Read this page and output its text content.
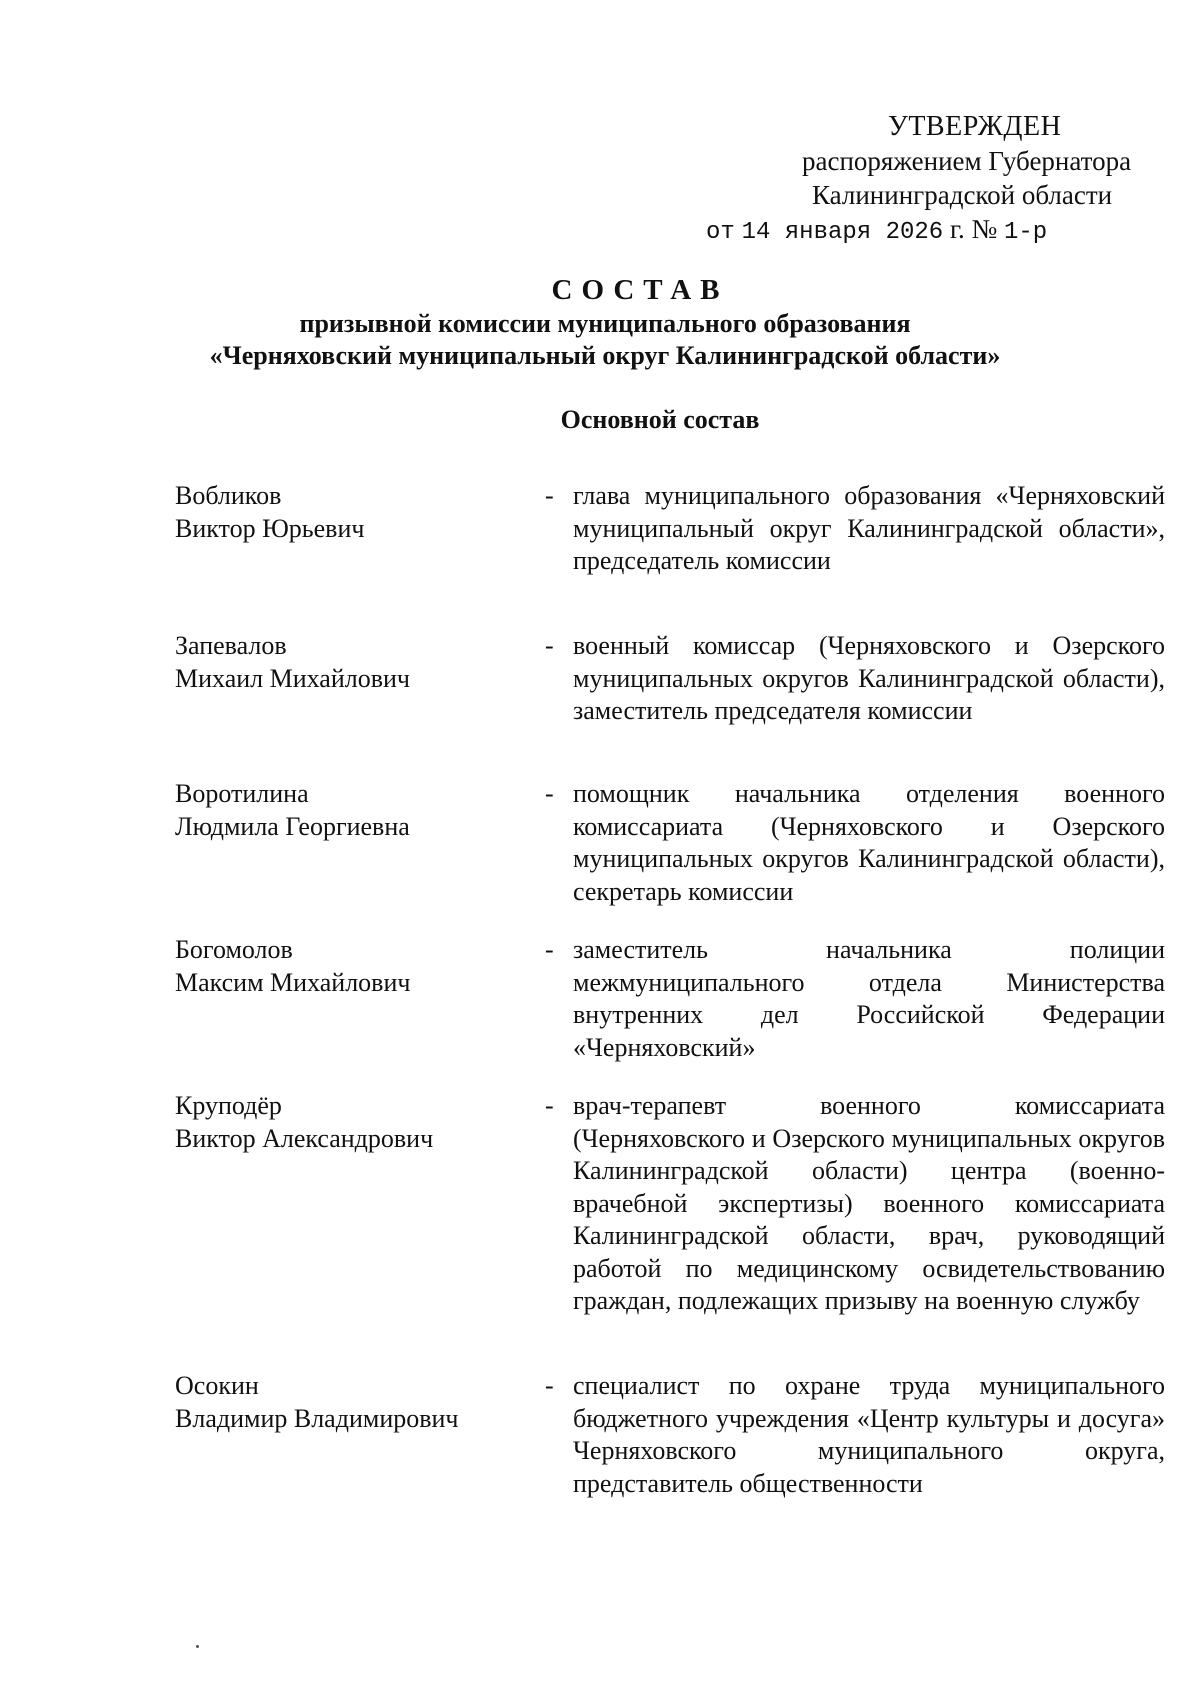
УТВЕРЖДЕН
распоряжением Губернатора
Калининградской области
от 14 января 2026 г. № 1-р
СОСТАВ
призывной комиссии муниципального образования
«Черняховский муниципальный округ Калининградской области»
Основной состав
Вобликов
Виктор Юрьевич
- глава муниципального образования «Черняховский муниципальный округ Калининградской области», председатель комиссии
Запевалов
Михаил Михайлович
- военный комиссар (Черняховского и Озерского муниципальных округов Калининградской области), заместитель председателя комиссии
Воротилина
Людмила Георгиевна
- помощник начальника отделения военного комиссариата (Черняховского и Озерского муниципальных округов Калининградской области), секретарь комиссии
Богомолов
Максим Михайлович
- заместитель начальника полиции межмуниципального отдела Министерства внутренних дел Российской Федерации «Черняховский»
Круподёр
Виктор Александрович
- врач-терапевт военного комиссариата (Черняховского и Озерского муниципальных округов Калининградской области) центра (военно-врачебной экспертизы) военного комиссариата Калининградской области, врач, руководящий работой по медицинскому освидетельствованию граждан, подлежащих призыву на военную службу
Осокин
Владимир Владимирович
- специалист по охране труда муниципального бюджетного учреждения «Центр культуры и досуга» Черняховского муниципального округа, представитель общественности
